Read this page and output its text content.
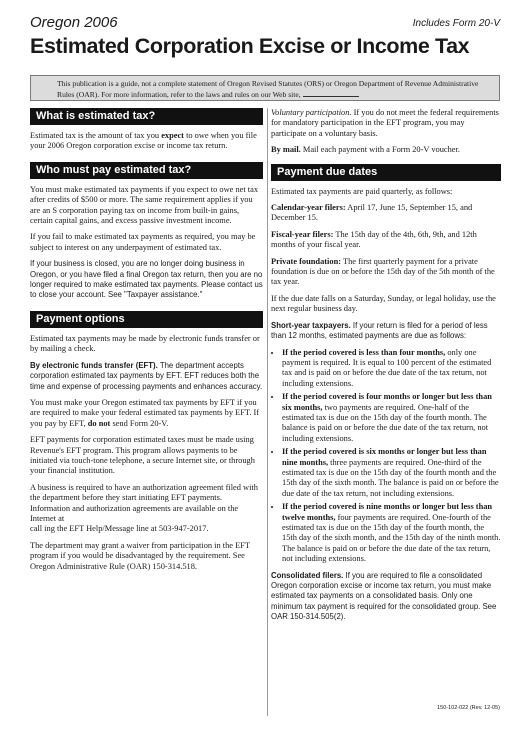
Oregon 2006	Includes Form 20-V
Estimated Corporation Excise or Income Tax
This publication is a guide, not a complete statement of Oregon Revised Statutes (ORS) or Oregon Department of Revenue Administrative Rules (OAR). For more information, refer to the laws and rules on our Web site,
What is estimated tax?

Estimated tax is the amount of tax you expect to owe when you file your 2006 Oregon corporation excise or income tax return.

Who must pay estimated tax?

You must make estimated tax payments if you expect to owe net tax after credits of $500 or more. The same requirement applies if you are an S corporation paying tax on income from built-in gains, certain capital gains, and excess passive investment income.

If you fail to make estimated tax payments as required, you may be subject to interest on any underpayment of estimated tax.

If your business is closed, you are no longer doing business in Oregon, or you have filed a final Oregon tax return, then you are no longer required to make estimated tax payments. Please contact us to close your account. See "Taxpayer assistance."

Payment options

Estimated tax payments may be made by electronic funds transfer or by mailing a check.

By electronic funds transfer (EFT). The department accepts corporation estimated tax payments by EFT. EFT reduces both the time and expense of processing payments and enhances accuracy.

You must make your Oregon estimated tax payments by EFT if you are required to make your federal estimated tax payments by EFT. If you pay by EFT, do not send Form 20-V.

EFT payments for corporation estimated taxes must be made using Revenue's EFT program. This program allows payments to be initiated via touch-tone telephone, a secure Internet site, or through your financial institution.

A business is required to have an authorization agreement filed with the department before they start initiating EFT payments. Information and authorization agreements are available on the Internet at
call ing the EFT Help/Message line at 503-947-2017.

The department may grant a waiver from participation in the EFT program if you would be disadvantaged by the requirement. See Oregon Administrative Rule (OAR) 150-314.518.

Voluntary participation. If you do not meet the federal requirements for mandatory participation in the EFT program, you may participate on a voluntary basis.

By mail. Mail each payment with a Form 20-V voucher.

Payment due dates

Estimated tax payments are paid quarterly, as follows:

Calendar-year filers: April 17, June 15, September 15, and December 15.

Fiscal-year filers: The 15th day of the 4th, 6th, 9th, and 12th months of your fiscal year.

Private foundation: The first quarterly payment for a private foundation is due on or before the 15th day of the 5th month of the tax year.

If the due date falls on a Saturday, Sunday, or legal holiday, use the next regular business day.

Short-year taxpayers. If your return is filed for a period of less than 12 months, estimated payments are due as follows:

• If the period covered is less than four months, only one payment is required. It is equal to 100 percent of the estimated tax and is paid on or before the due date of the tax return, not including extensions.
• If the period covered is four months or longer but less than six months, two payments are required. One-half of the estimated tax is due on the 15th day of the fourth month. The balance is paid on or before the due date of the tax return, not including extensions.
• If the period covered is six months or longer but less than nine months, three payments are required. One-third of the estimated tax is due on the 15th day of the fourth month and the 15th day of the sixth month. The balance is paid on or before the due date of the tax return, not including extensions.
• If the period covered is nine months or longer but less than twelve months, four payments are required. One-fourth of the estimated tax is due on the 15th day of the fourth month, the 15th day of the sixth month, and the 15th day of the ninth month. The balance is paid on or before the due date of the tax return, not including extensions.

Consolidated filers. If you are required to file a consolidated Oregon corporation excise or income tax return, you must make estimated tax payments on a consolidated basis. Only one minimum tax payment is required for the consolidated group. See OAR 150-314.505(2).

150-102-022 (Rev. 12-05)
